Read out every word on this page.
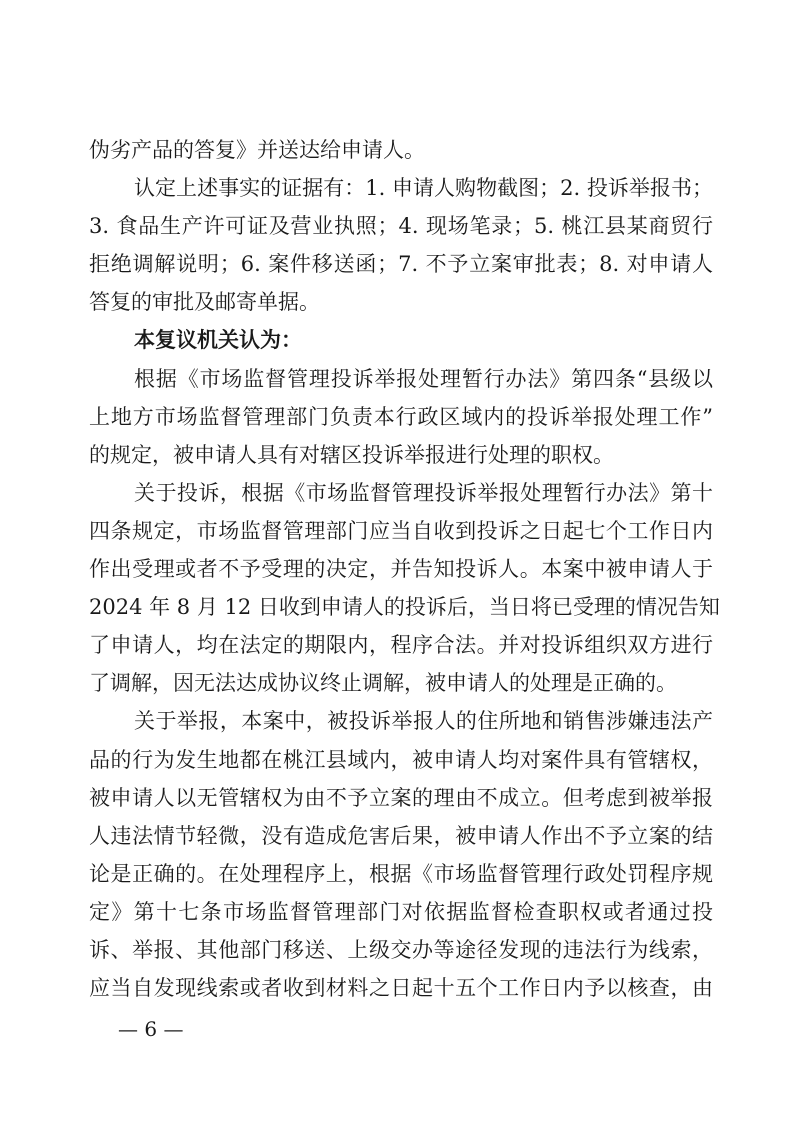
伪劣产品的答复》并送达给申请人。
认定上述事实的证据有：1. 申请人购物截图；2. 投诉举报书；
3. 食品生产许可证及营业执照；4. 现场笔录；5. 桃江县某商贸行
拒绝调解说明；6. 案件移送函；7. 不予立案审批表；8. 对申请人
答复的审批及邮寄单据。
本复议机关认为：
根据《市场监督管理投诉举报处理暂行办法》第四条“县级以
上地方市场监督管理部门负责本行政区域内的投诉举报处理工作”
的规定，被申请人具有对辖区投诉举报进行处理的职权。
关于投诉，根据《市场监督管理投诉举报处理暂行办法》第十
四条规定，市场监督管理部门应当自收到投诉之日起七个工作日内
作出受理或者不予受理的决定，并告知投诉人。本案中被申请人于
2024 年 8 月 12 日收到申请人的投诉后，当日将已受理的情况告知
了申请人，均在法定的期限内，程序合法。并对投诉组织双方进行
了调解，因无法达成协议终止调解，被申请人的处理是正确的。
关于举报，本案中，被投诉举报人的住所地和销售涉嫌违法产
品的行为发生地都在桃江县域内，被申请人均对案件具有管辖权，
被申请人以无管辖权为由不予立案的理由不成立。但考虑到被举报
人违法情节轻微，没有造成危害后果，被申请人作出不予立案的结
论是正确的。在处理程序上，根据《市场监督管理行政处罚程序规
定》第十七条市场监督管理部门对依据监督检查职权或者通过投
诉、举报、其他部门移送、上级交办等途径发现的违法行为线索，
应当自发现线索或者收到材料之日起十五个工作日内予以核查，由
— 6 —
